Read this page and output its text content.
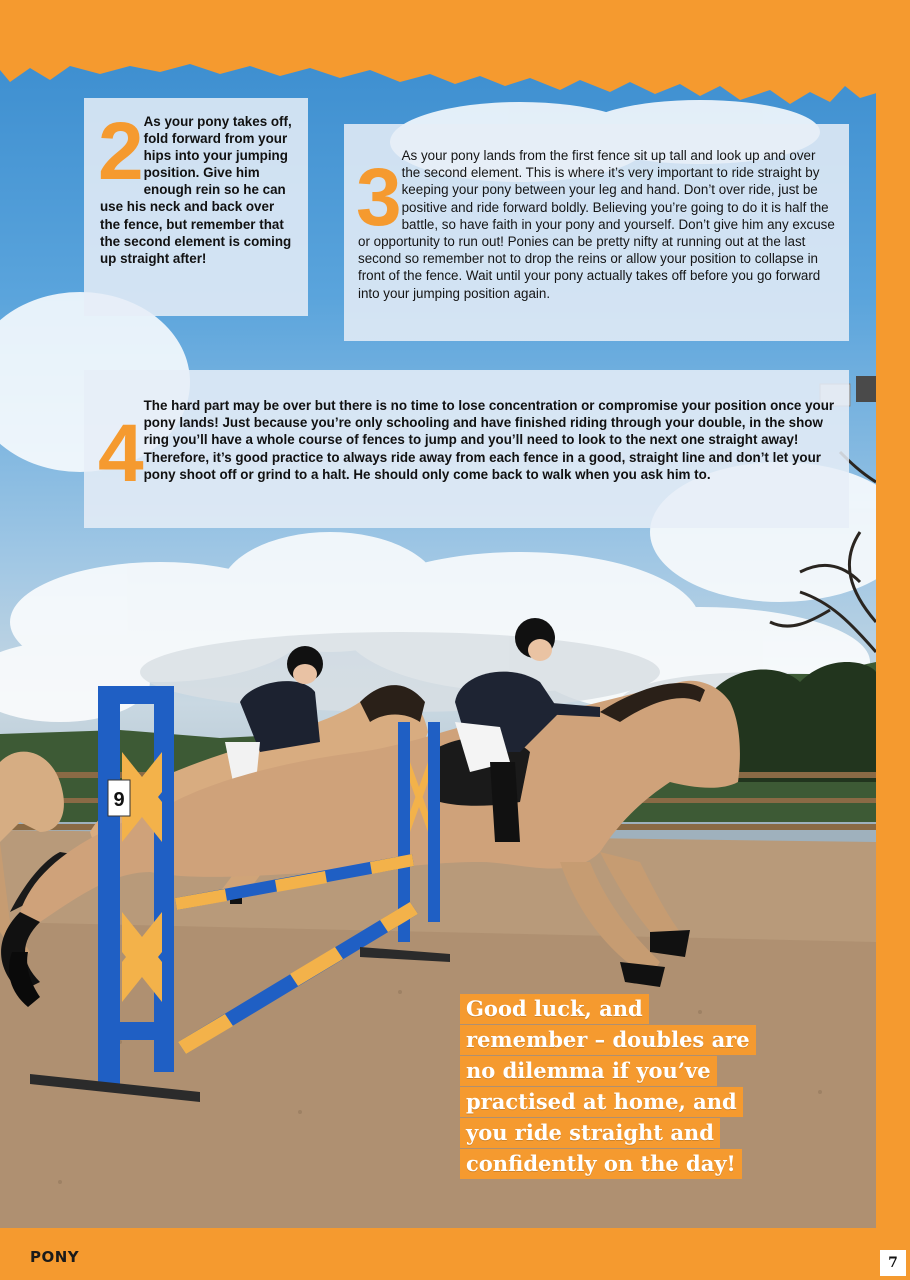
9
2 As your pony takes off, fold forward from your hips into your jumping position. Give him enough rein so he can use his neck and back over the fence, but remember that the second element is coming up straight after!
3 As your pony lands from the first fence sit up tall and look up and over the second element. This is where it’s very important to ride straight by keeping your pony between your leg and hand. Don’t over ride, just be positive and ride forward boldly. Believing you’re going to do it is half the battle, so have faith in your pony and yourself. Don’t give him any excuse or opportunity to run out! Ponies can be pretty nifty at running out at the last second so remember not to drop the reins or allow your position to collapse in front of the fence. Wait until your pony actually takes off before you go forward into your jumping position again.
4
The hard part may be over but there is no time to lose concentration or compromise your position once your pony lands! Just because you’re only schooling and have finished riding through your double, in the show ring you’ll have a whole course of fences to jump and you’ll need to look to the next one straight away! Therefore, it’s good practice to always ride away from each fence in a good, straight line and don’t let your pony shoot off or grind to a halt. He should only come back to walk when you ask him to.
Good luck, and
remember – doubles are
no dilemma if you’ve
practised at home, and
you ride straight and
confidently on the day!
PONY	7
